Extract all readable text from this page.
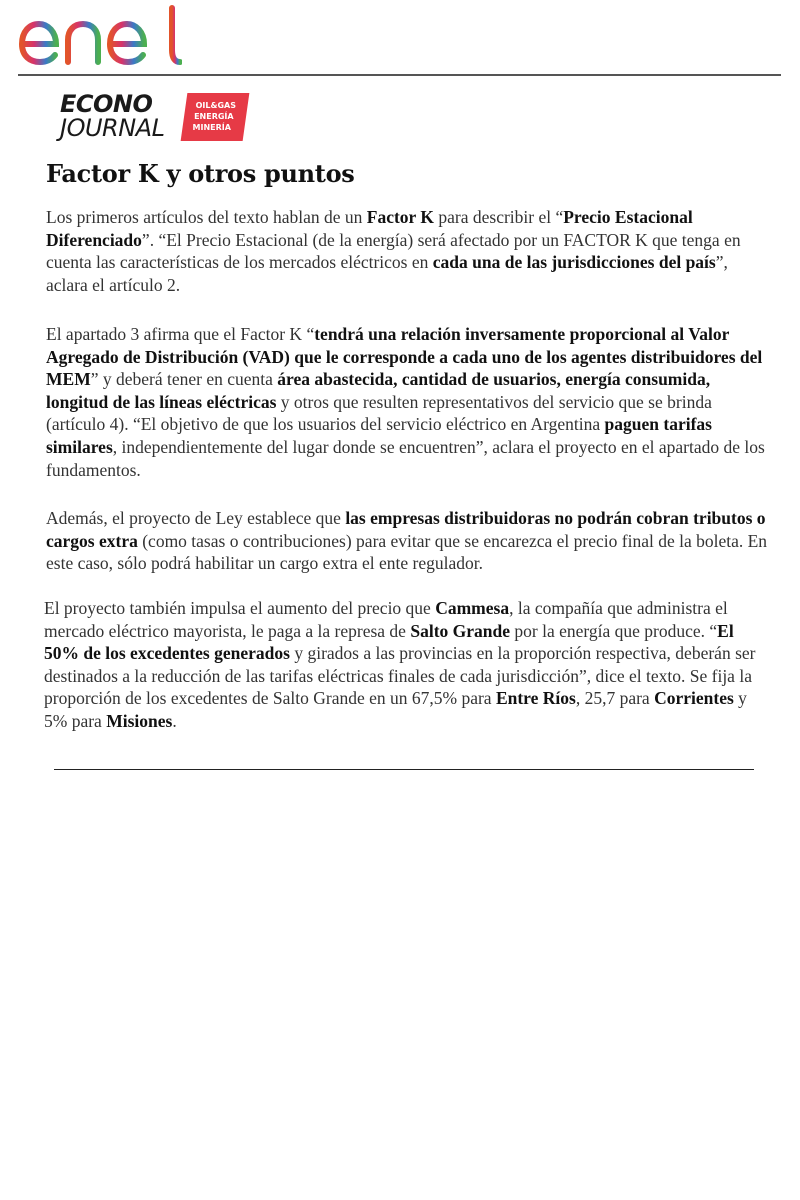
ECONO
JOURNAL
OIL&GAS
ENERGÍA
MINERÍA
Factor K y otros puntos

Los primeros artículos del texto hablan de un Factor K para describir el “Precio Estacional Diferenciado”. “El Precio Estacional (de la energía) será afectado por un FACTOR K que tenga en cuenta las características de los mercados eléctricos en cada una de las jurisdicciones del país”, aclara el artículo 2.

El apartado 3 afirma que el Factor K “tendrá una relación inversamente proporcional al Valor Agregado de Distribución (VAD) que le corresponde a cada uno de los agentes distribuidores del MEM” y deberá tener en cuenta área abastecida, cantidad de usuarios, energía consumida, longitud de las líneas eléctricas y otros que resulten representativos del servicio que se brinda (artículo 4). “El objetivo de que los usuarios del servicio eléctrico en Argentina paguen tarifas similares, independientemente del lugar donde se encuentren”, aclara el proyecto en el apartado de los fundamentos.

Además, el proyecto de Ley establece que las empresas distribuidoras no podrán cobran tributos o cargos extra (como tasas o contribuciones) para evitar que se encarezca el precio final de la boleta. En este caso, sólo podrá habilitar un cargo extra el ente regulador.

El proyecto también impulsa el aumento del precio que Cammesa, la compañía que administra el mercado eléctrico mayorista, le paga a la represa de Salto Grande por la energía que produce. “El 50% de los excedentes generados y girados a las provincias en la proporción respectiva, deberán ser destinados a la reducción de las tarifas eléctricas finales de cada jurisdicción”, dice el texto. Se fija la proporción de los excedentes de Salto Grande en un 67,5% para Entre Ríos, 25,7 para Corrientes y 5% para Misiones.
